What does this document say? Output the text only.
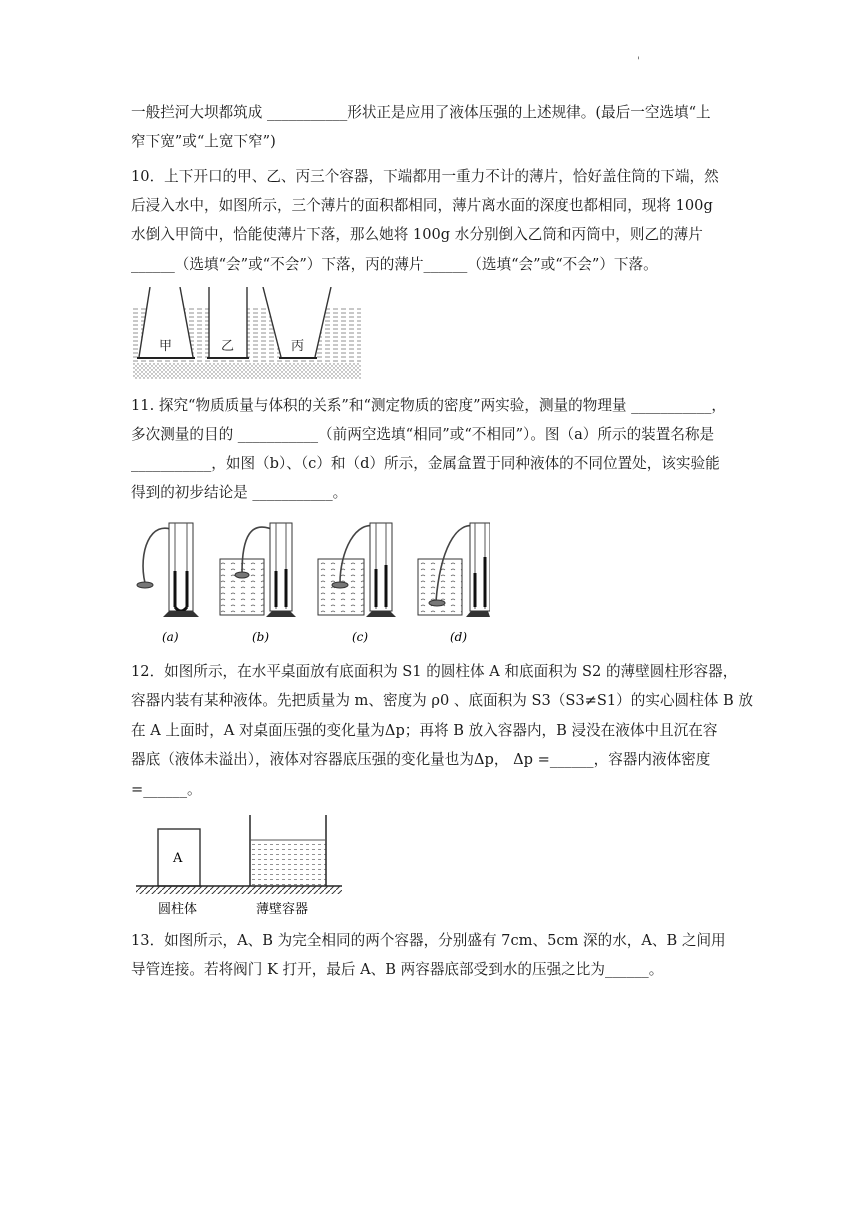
'
一般拦河大坝都筑成 ___________形状正是应用了液体压强的上述规律。(最后一空选填“上
窄下宽”或“上宽下窄”)
10．上下开口的甲、乙、丙三个容器，下端都用一重力不计的薄片，恰好盖住筒的下端，然
后浸入水中，如图所示，三个薄片的面积都相同，薄片离水面的深度也都相同，现将 100g
水倒入甲筒中，恰能使薄片下落，那么她将 100g 水分别倒入乙筒和丙筒中，则乙的薄片
______（选填“会”或“不会”）下落，丙的薄片______（选填“会”或“不会”）下落。
甲	乙	丙
11. 探究“物质质量与体积的关系”和“测定物质的密度”两实验，测量的物理量 ___________，
多次测量的目的 ___________（前两空选填“相同”或“不相同”）。图（a）所示的装置名称是
___________，如图（b）、（c）和（d）所示，金属盒置于同种液体的不同位置处，该实验能
得到的初步结论是 ___________。
(a)	(b)	(c)	(d)
12．如图所示，在水平桌面放有底面积为 S1 的圆柱体 A 和底面积为 S2 的薄壁圆柱形容器，
容器内装有某种液体。先把质量为 m、密度为 ρ0 、底面积为 S3（S3≠S1）的实心圆柱体 B 放
在 A 上面时，A 对桌面压强的变化量为Δp；再将 B 放入容器内，B 浸没在液体中且沉在容
器底（液体未溢出），液体对容器底压强的变化量也为Δp， Δp =______，容器内液体密度
=______。
A
圆柱体	薄壁容器
13．如图所示，A、B 为完全相同的两个容器，分别盛有 7cm、5cm 深的水，A、B 之间用
导管连接。若将阀门 K 打开，最后 A、B 两容器底部受到水的压强之比为______。
